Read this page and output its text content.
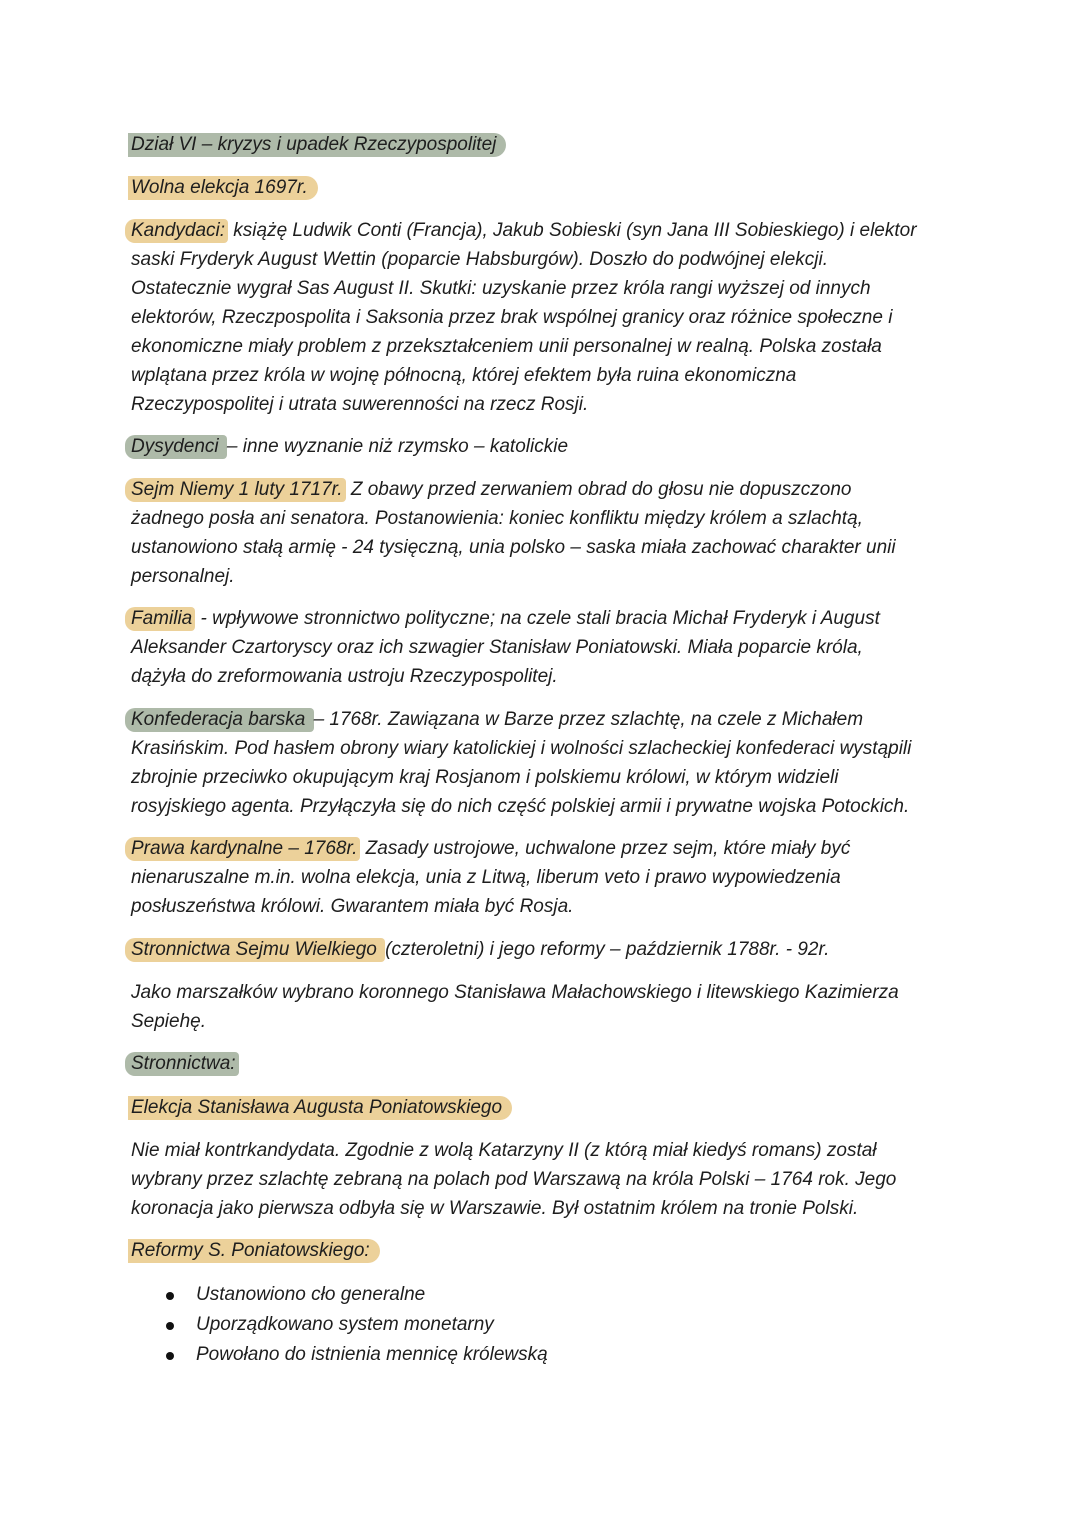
Dział VI – kryzys i upadek Rzeczypospolitej
Wolna elekcja 1697r.

Kandydaci: książę Ludwik Conti (Francja), Jakub Sobieski (syn Jana III Sobieskiego) i elektor

saski Fryderyk August Wettin (poparcie Habsburgów). Doszło do podwójnej elekcji.

Ostatecznie wygrał Sas August II. Skutki: uzyskanie przez króla rangi wyższej od innych

elektorów, Rzeczpospolita i Saksonia przez brak wspólnej granicy oraz różnice społeczne i

ekonomiczne miały problem z przekształceniem unii personalnej w realną. Polska została

wplątana przez króla w wojnę północną, której efektem była ruina ekonomiczna

Rzeczypospolitej i utrata suwerenności na rzecz Rosji.

Dysydenci – inne wyznanie niż rzymsko – katolickie

Sejm Niemy 1 luty 1717r. Z obawy przed zerwaniem obrad do głosu nie dopuszczono

żadnego posła ani senatora. Postanowienia: koniec konfliktu między królem a szlachtą,

ustanowiono stałą armię - 24 tysięczną, unia polsko – saska miała zachować charakter unii

personalnej.

Familia - wpływowe stronnictwo polityczne; na czele stali bracia Michał Fryderyk i August

Aleksander Czartoryscy oraz ich szwagier Stanisław Poniatowski. Miała poparcie króla,

dążyła do zreformowania ustroju Rzeczypospolitej.

Konfederacja barska – 1768r. Zawiązana w Barze przez szlachtę, na czele z Michałem

Krasińskim. Pod hasłem obrony wiary katolickiej i wolności szlacheckiej konfederaci wystąpili

zbrojnie przeciwko okupującym kraj Rosjanom i polskiemu królowi, w którym widzieli

rosyjskiego agenta. Przyłączyła się do nich część polskiej armii i prywatne wojska Potockich.

Prawa kardynalne – 1768r. Zasady ustrojowe, uchwalone przez sejm, które miały być

nienaruszalne m.in. wolna elekcja, unia z Litwą, liberum veto i prawo wypowiedzenia

posłuszeństwa królowi. Gwarantem miała być Rosja.

Stronnictwa Sejmu Wielkiego (czteroletni) i jego reformy – październik 1788r. - 92r.

Jako marszałków wybrano koronnego Stanisława Małachowskiego i litewskiego Kazimierza

Sepiehę.

Stronnictwa:
Elekcja Stanisława Augusta Poniatowskiego

Nie miał kontrkandydata. Zgodnie z wolą Katarzyny II (z którą miał kiedyś romans) został

wybrany przez szlachtę zebraną na polach pod Warszawą na króla Polski – 1764 rok. Jego

koronacja jako pierwsza odbyła się w Warszawie. Był ostatnim królem na tronie Polski.

Reformy S. Poniatowskiego:
Ustanowiono cło generalne
Uporządkowano system monetarny
Powołano do istnienia mennicę królewską
